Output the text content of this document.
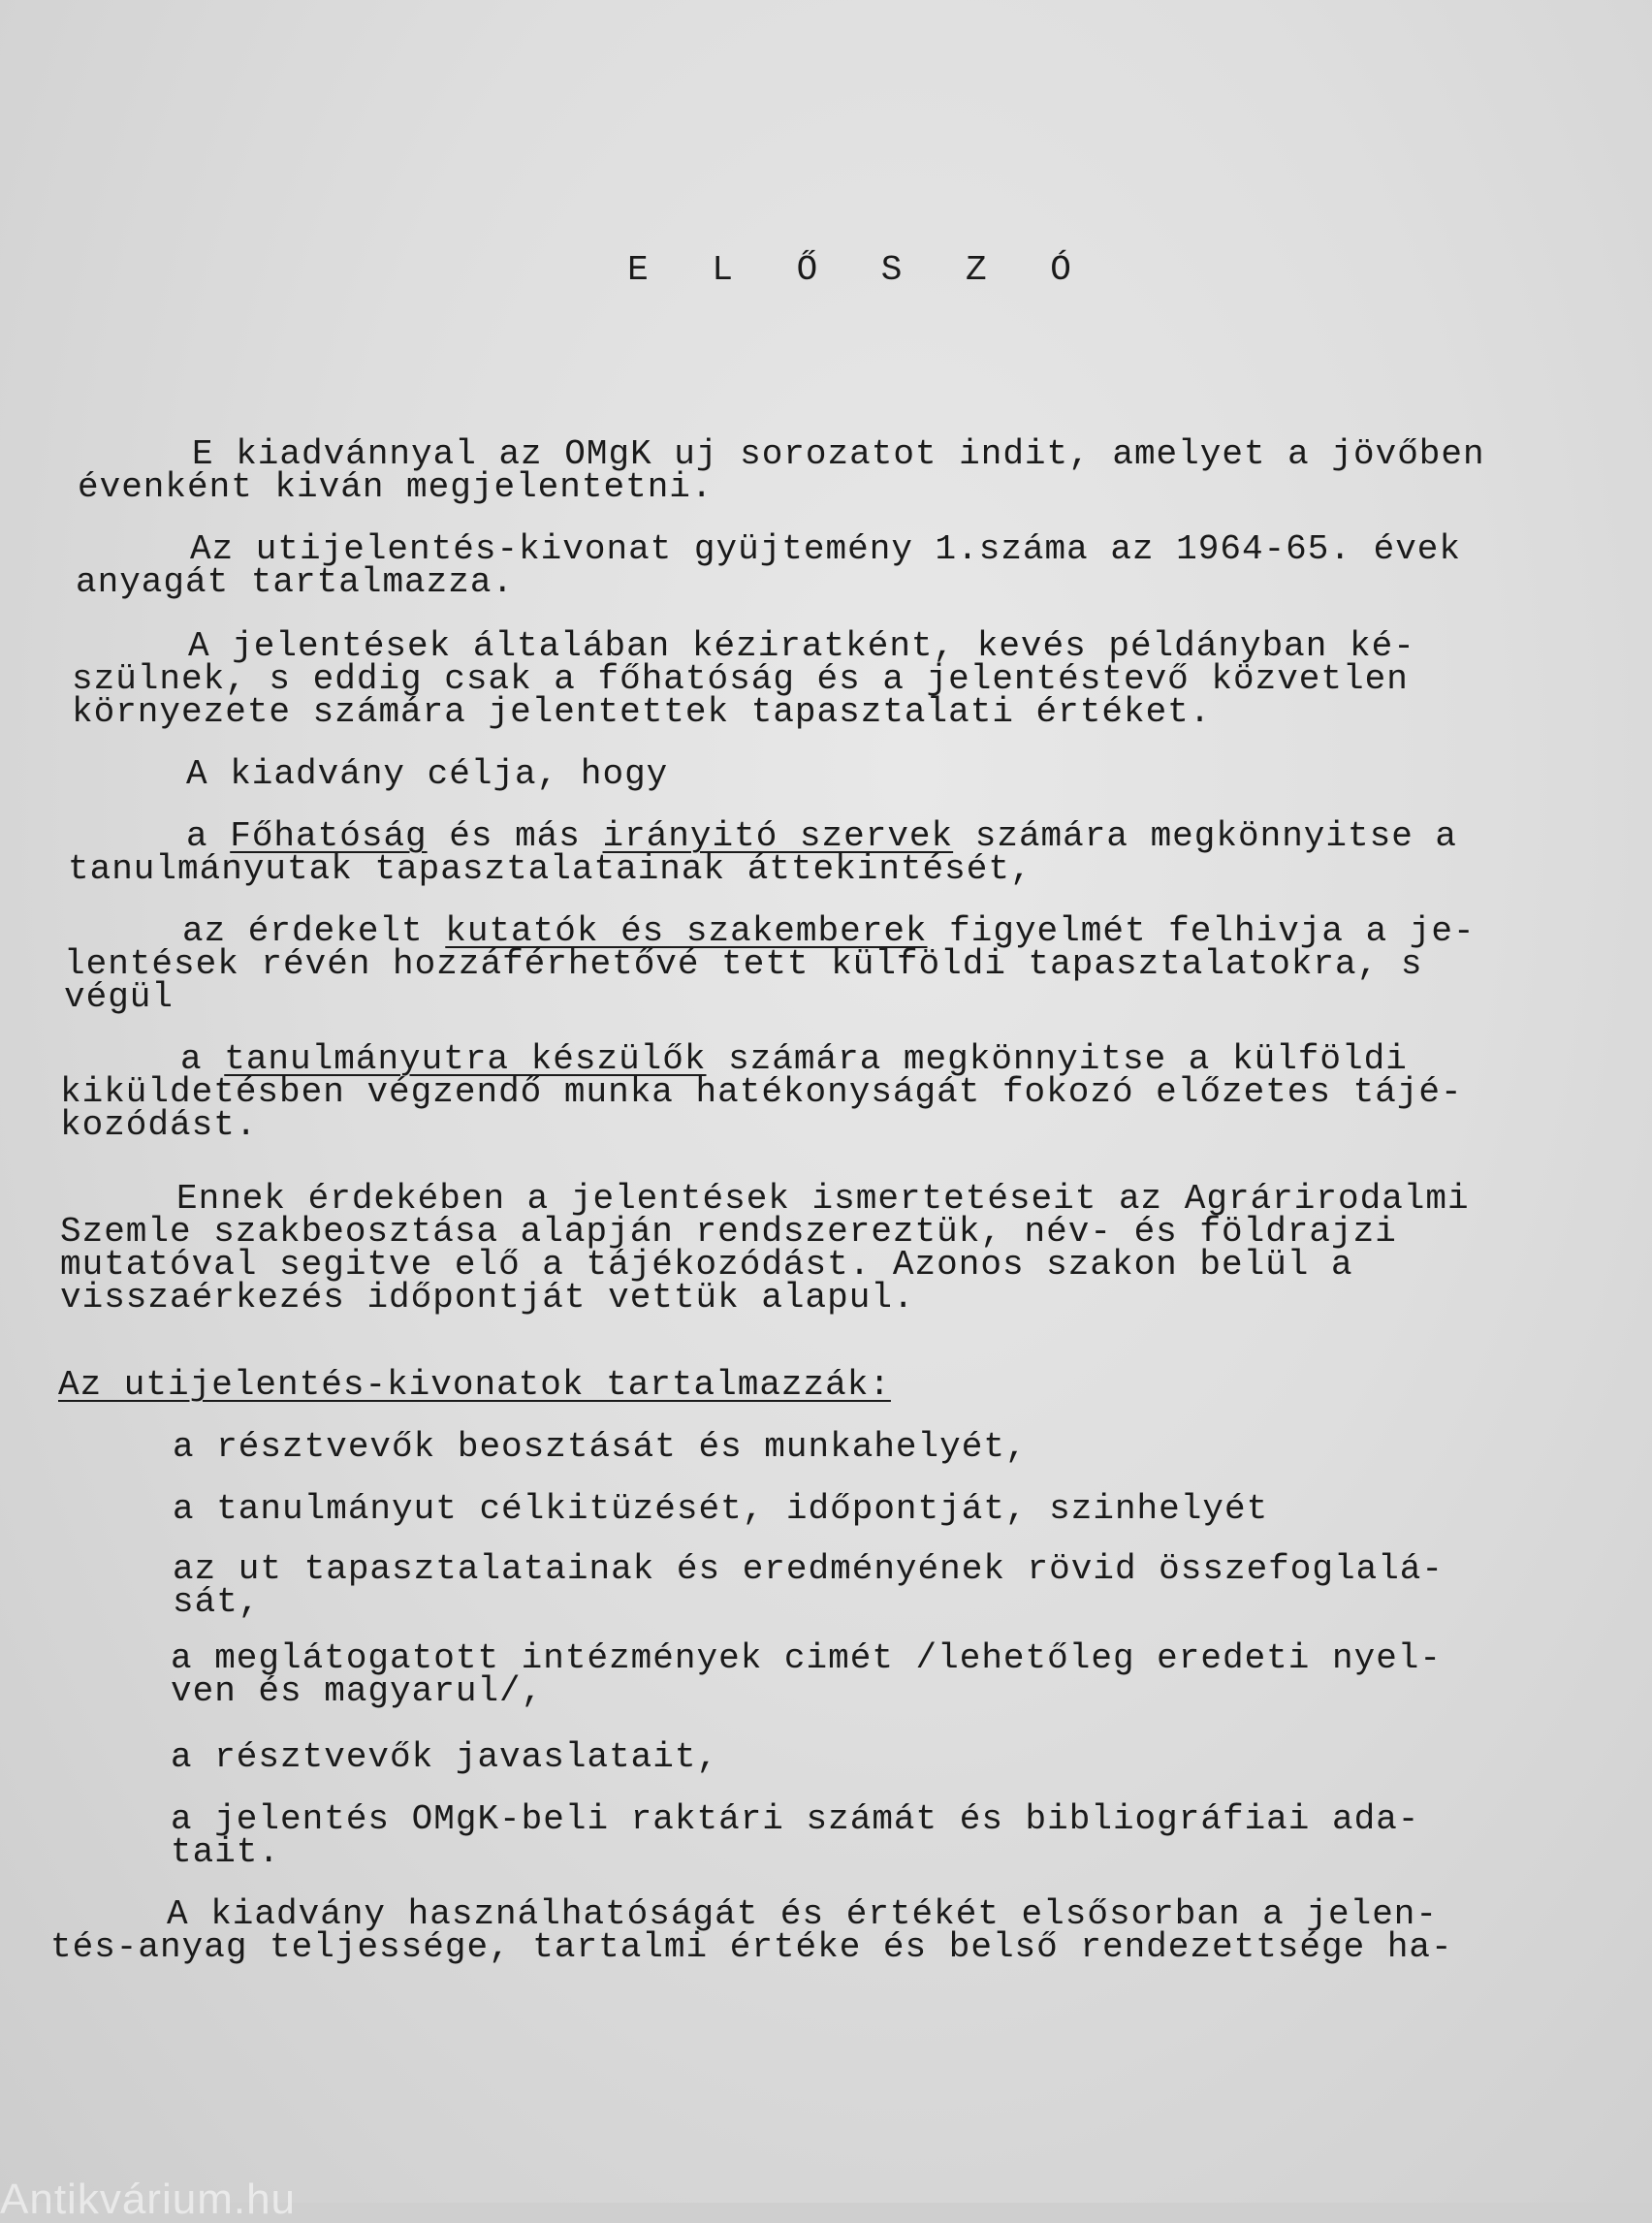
E L Ő S Z Ó
E kiadvánnyal az OMgK uj sorozatot indit, amelyet a jövőben
évenként kiván megjelentetni.
Az utijelentés-kivonat gyüjtemény 1.száma az 1964-65. évek
anyagát tartalmazza.
A jelentések általában kéziratként, kevés példányban ké-
szülnek, s eddig csak a főhatóság és a jelentéstevő közvetlen
környezete számára jelentettek tapasztalati értéket.
A kiadvány célja, hogy
a Főhatóság és más irányitó szervek számára megkönnyitse a
tanulmányutak tapasztalatainak áttekintését,
az érdekelt kutatók és szakemberek figyelmét felhivja a je-
lentések révén hozzáférhetővé tett külföldi tapasztalatokra, s
végül
a tanulmányutra készülők számára megkönnyitse a külföldi
kiküldetésben végzendő munka hatékonyságát fokozó előzetes tájé-
kozódást.
Ennek érdekében a jelentések ismertetéseit az Agrárirodalmi
Szemle szakbeosztása alapján rendszereztük, név- és földrajzi
mutatóval segitve elő a tájékozódást. Azonos szakon belül a
visszaérkezés időpontját vettük alapul.
Az utijelentés-kivonatok tartalmazzák:
a résztvevők beosztását és munkahelyét,
a tanulmányut célkitüzését, időpontját, szinhelyét
az ut tapasztalatainak és eredményének rövid összefoglalá-
sát,
a meglátogatott intézmények cimét /lehetőleg eredeti nyel-
ven és magyarul/,
a résztvevők javaslatait,
a jelentés OMgK-beli raktári számát és bibliográfiai ada-
tait.
A kiadvány használhatóságát és értékét elsősorban a jelen-
tés-anyag teljessége, tartalmi értéke és belső rendezettsége ha-
Antikvárium.hu
